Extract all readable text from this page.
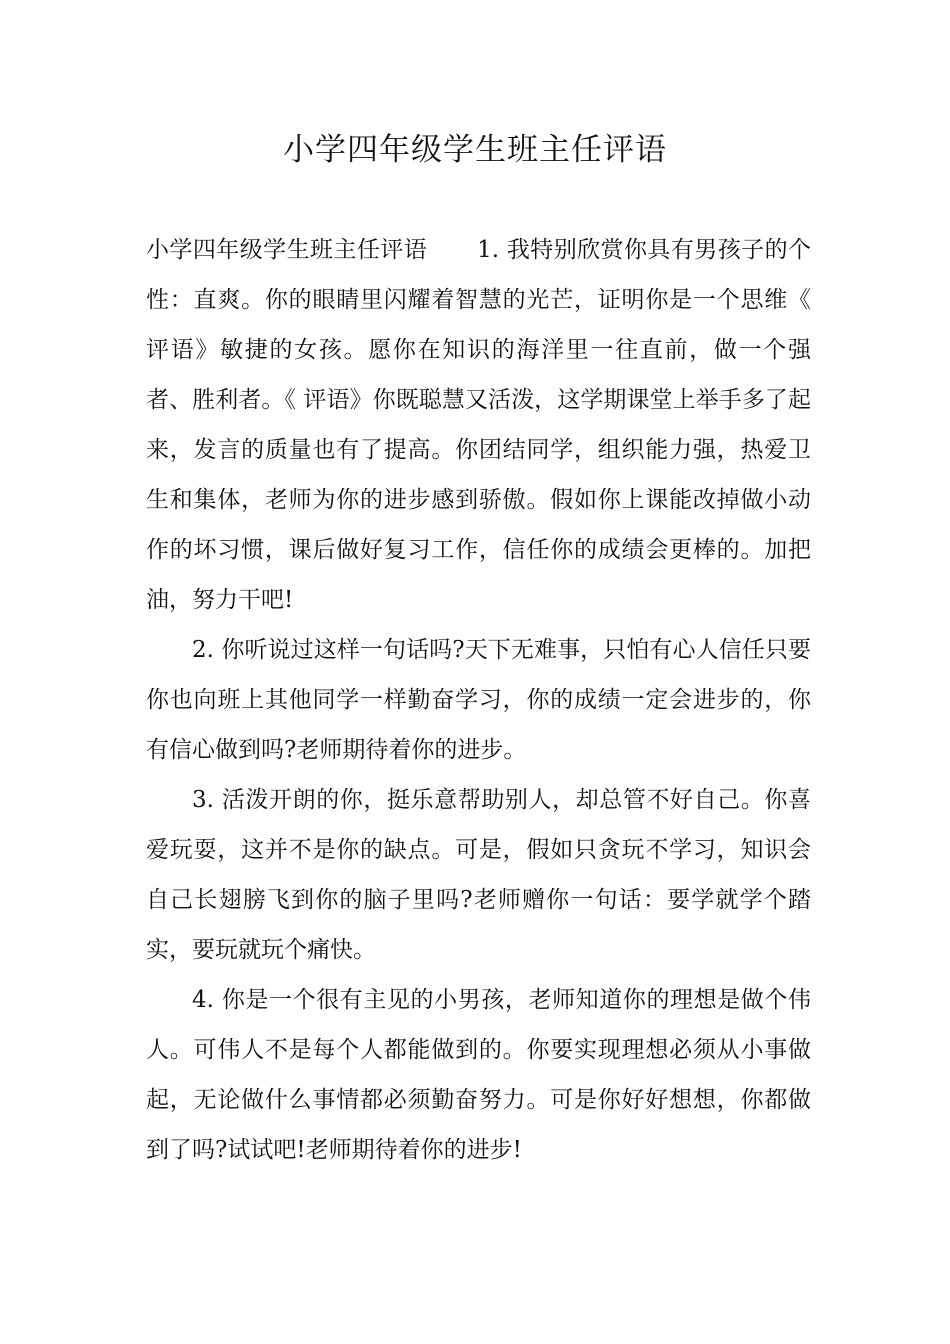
小学四年级学生班主任评语

小学四年级学生班主任评语 1. 我特别欣赏你具有男孩子的个性：直爽。你的眼睛里闪耀着智慧的光芒，证明你是一个思维《 评语》敏捷的女孩。愿你在知识的海洋里一往直前，做一个强者、胜利者。《 评语》你既聪慧又活泼，这学期课堂上举手多了起来，发言的质量也有了提高。你团结同学，组织能力强，热爱卫生和集体，老师为你的进步感到骄傲。假如你上课能改掉做小动作的坏习惯，课后做好复习工作，信任你的成绩会更棒的。加把油，努力干吧!

2. 你听说过这样一句话吗?天下无难事，只怕有心人信任只要你也向班上其他同学一样勤奋学习，你的成绩一定会进步的，你有信心做到吗?老师期待着你的进步。

3. 活泼开朗的你，挺乐意帮助别人，却总管不好自己。你喜爱玩耍，这并不是你的缺点。可是，假如只贪玩不学习，知识会自己长翅膀飞到你的脑子里吗?老师赠你一句话：要学就学个踏实，要玩就玩个痛快。

4. 你是一个很有主见的小男孩，老师知道你的理想是做个伟人。可伟人不是每个人都能做到的。你要实现理想必须从小事做起，无论做什么事情都必须勤奋努力。可是你好好想想，你都做到了吗?试试吧!老师期待着你的进步!
